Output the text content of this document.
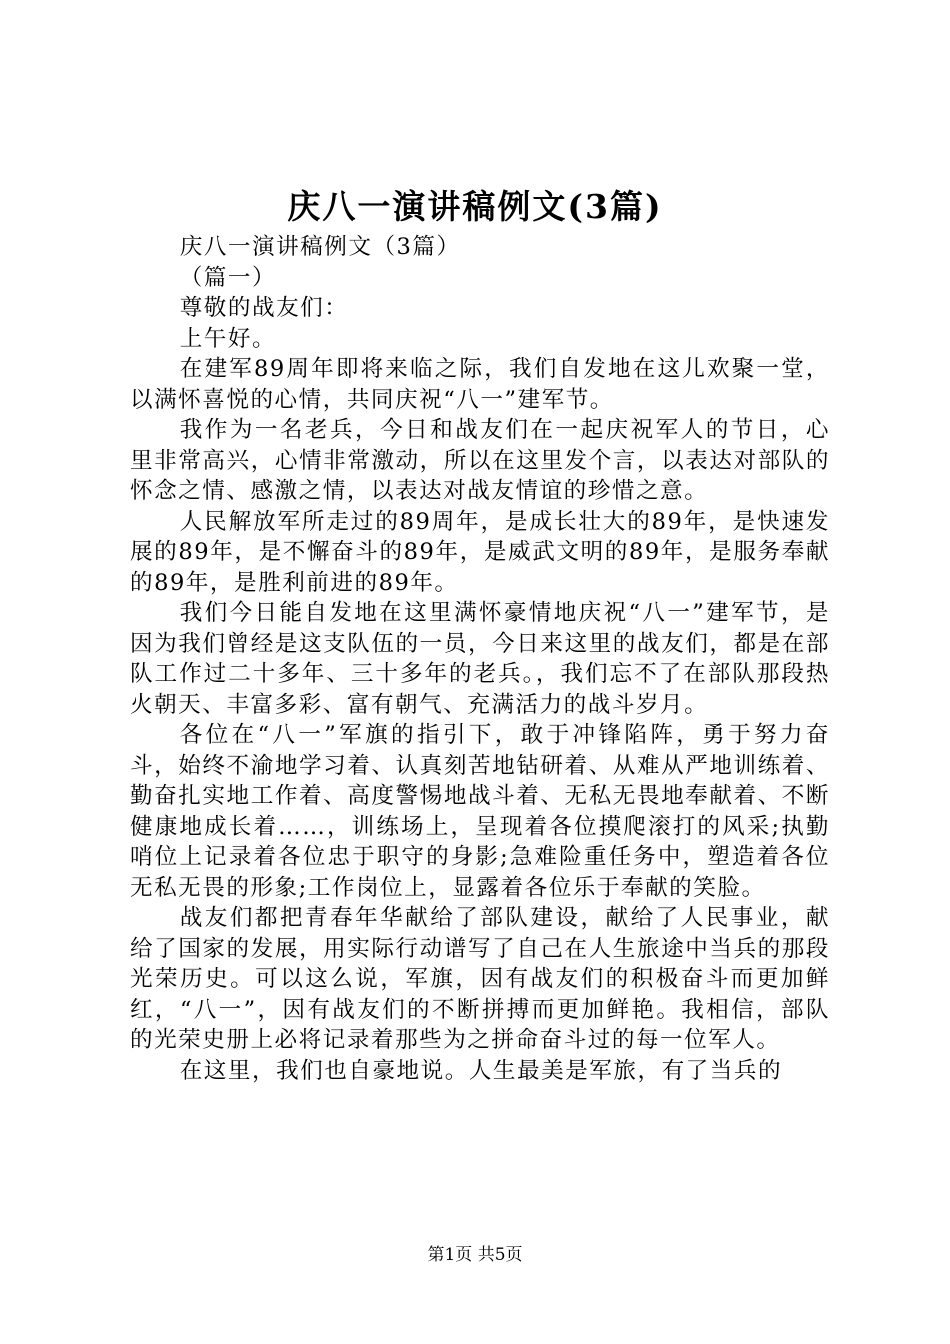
庆八一演讲稿例文(3篇)

庆八一演讲稿例文（3篇）

（篇一）

尊敬的战友们：

上午好。

在建军89周年即将来临之际，我们自发地在这儿欢聚一堂，以满怀喜悦的心情，共同庆祝“八一”建军节。

我作为一名老兵，今日和战友们在一起庆祝军人的节日，心里非常高兴，心情非常激动，所以在这里发个言，以表达对部队的怀念之情、感激之情，以表达对战友情谊的珍惜之意。

人民解放军所走过的89周年，是成长壮大的89年，是快速发展的89年，是不懈奋斗的89年，是威武文明的89年，是服务奉献的89年，是胜利前进的89年。

我们今日能自发地在这里满怀豪情地庆祝“八一”建军节，是因为我们曾经是这支队伍的一员，今日来这里的战友们，都是在部队工作过二十多年、三十多年的老兵。，我们忘不了在部队那段热火朝天、丰富多彩、富有朝气、充满活力的战斗岁月。

各位在“八一”军旗的指引下，敢于冲锋陷阵，勇于努力奋斗，始终不渝地学习着、认真刻苦地钻研着、从难从严地训练着、勤奋扎实地工作着、高度警惕地战斗着、无私无畏地奉献着、不断健康地成长着……，训练场上，呈现着各位摸爬滚打的风采;执勤哨位上记录着各位忠于职守的身影;急难险重任务中，塑造着各位无私无畏的形象;工作岗位上，显露着各位乐于奉献的笑脸。

战友们都把青春年华献给了部队建设，献给了人民事业，献给了国家的发展，用实际行动谱写了自己在人生旅途中当兵的那段光荣历史。可以这么说，军旗，因有战友们的积极奋斗而更加鲜红，“八一”，因有战友们的不断拼搏而更加鲜艳。我相信，部队的光荣史册上必将记录着那些为之拼命奋斗过的每一位军人。

在这里，我们也自豪地说。人生最美是军旅，有了当兵的

第1页 共5页
